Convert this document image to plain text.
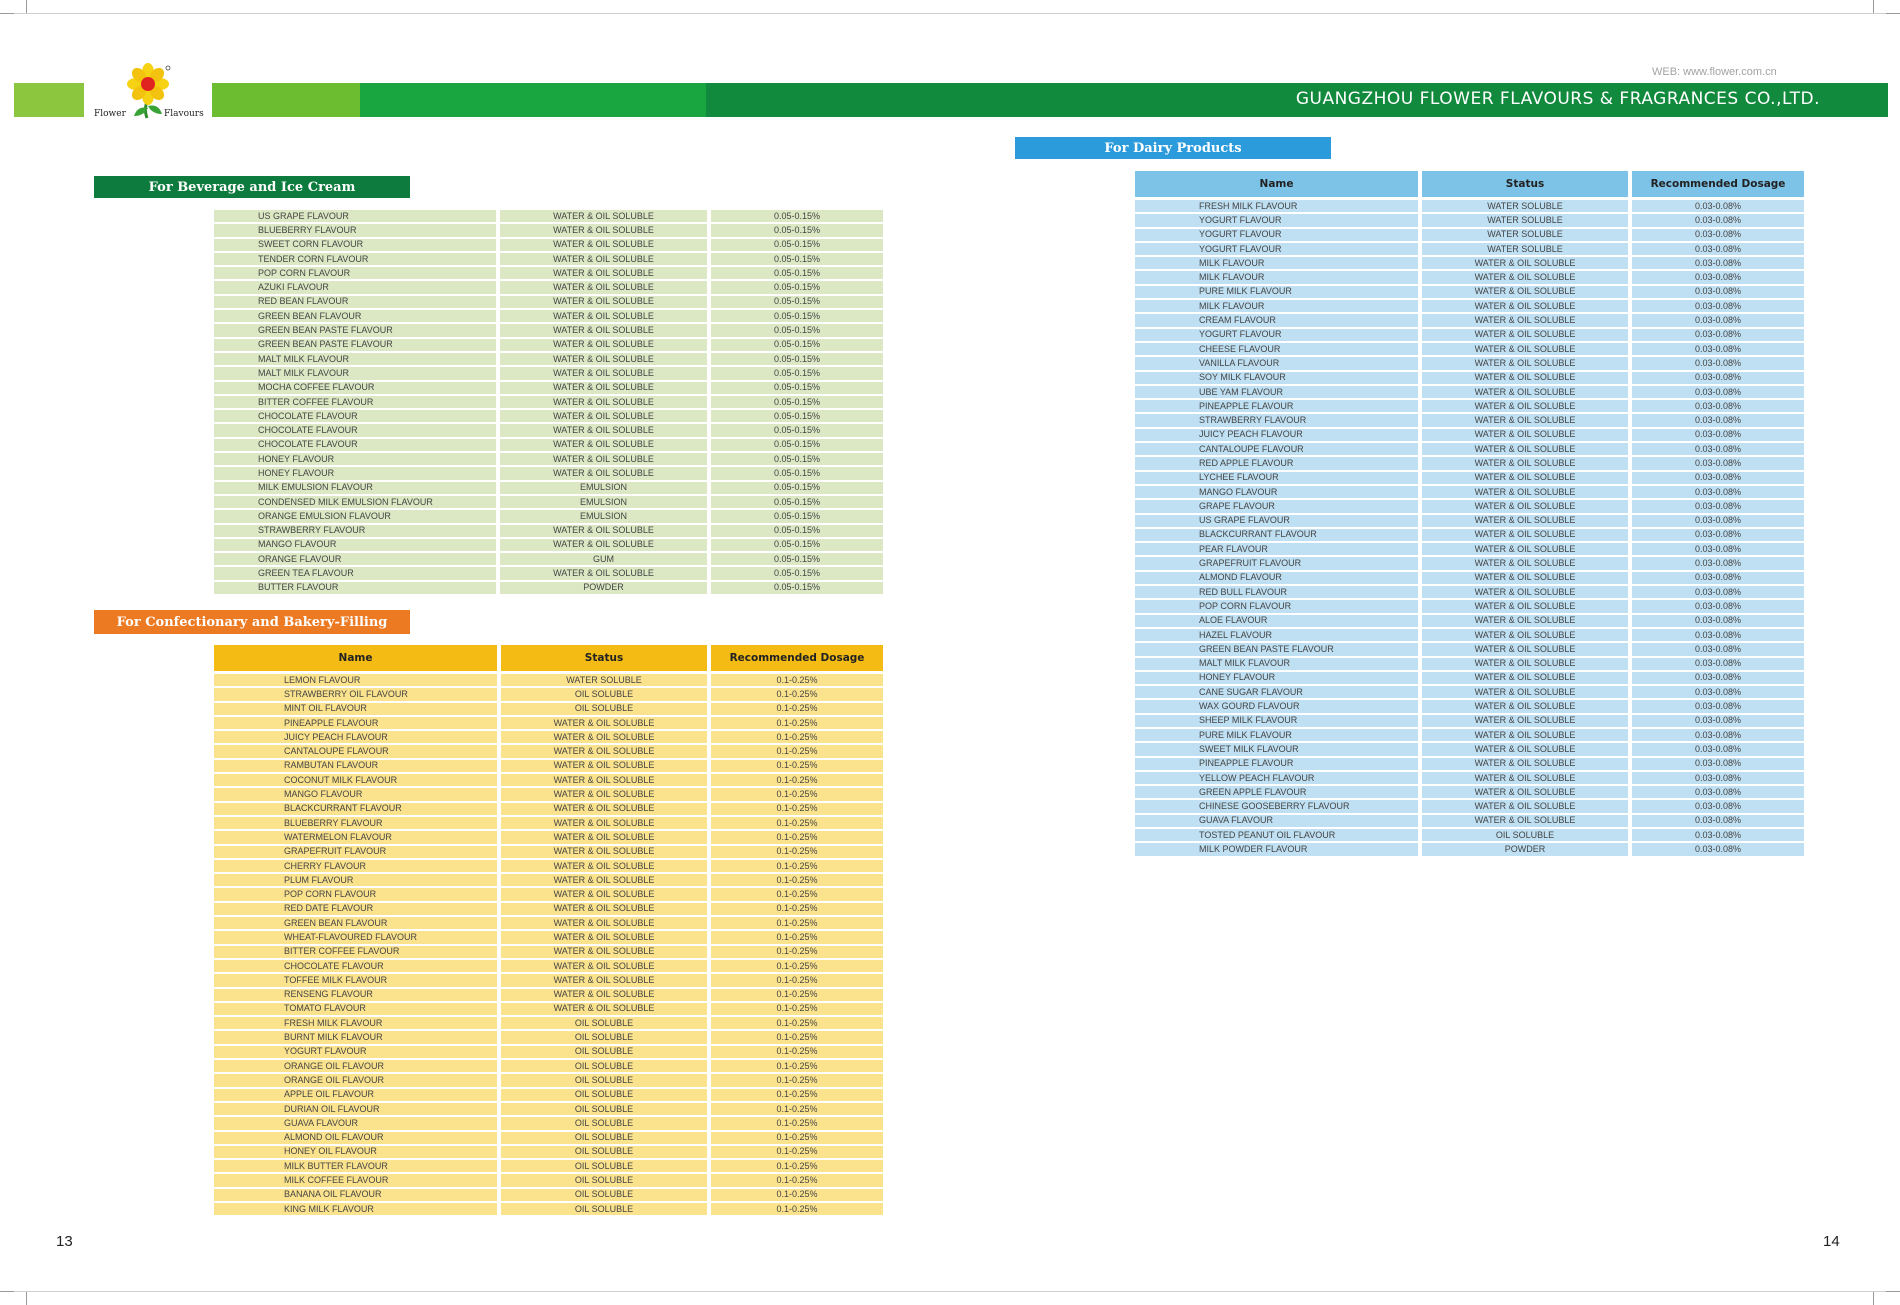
WEB: www.flower.com.cn
GUANGZHOU FLOWER FLAVOURS & FRAGRANCES CO.,LTD.
Flower	Flavours
For Beverage and Ice Cream
For Confectionary and Bakery-Filling
For Dairy Products
US GRAPE FLAVOUR	WATER & OIL SOLUBLE	0.05-0.15%
BLUEBERRY FLAVOUR	WATER & OIL SOLUBLE	0.05-0.15%
SWEET CORN FLAVOUR	WATER & OIL SOLUBLE	0.05-0.15%
TENDER CORN FLAVOUR	WATER & OIL SOLUBLE	0.05-0.15%
POP CORN FLAVOUR	WATER & OIL SOLUBLE	0.05-0.15%
AZUKI FLAVOUR	WATER & OIL SOLUBLE	0.05-0.15%
RED BEAN FLAVOUR	WATER & OIL SOLUBLE	0.05-0.15%
GREEN BEAN FLAVOUR	WATER & OIL SOLUBLE	0.05-0.15%
GREEN BEAN PASTE FLAVOUR	WATER & OIL SOLUBLE	0.05-0.15%
GREEN BEAN PASTE FLAVOUR	WATER & OIL SOLUBLE	0.05-0.15%
MALT MILK FLAVOUR	WATER & OIL SOLUBLE	0.05-0.15%
MALT MILK FLAVOUR	WATER & OIL SOLUBLE	0.05-0.15%
MOCHA COFFEE FLAVOUR	WATER & OIL SOLUBLE	0.05-0.15%
BITTER COFFEE FLAVOUR	WATER & OIL SOLUBLE	0.05-0.15%
CHOCOLATE FLAVOUR	WATER & OIL SOLUBLE	0.05-0.15%
CHOCOLATE FLAVOUR	WATER & OIL SOLUBLE	0.05-0.15%
CHOCOLATE FLAVOUR	WATER & OIL SOLUBLE	0.05-0.15%
HONEY FLAVOUR	WATER & OIL SOLUBLE	0.05-0.15%
HONEY FLAVOUR	WATER & OIL SOLUBLE	0.05-0.15%
MILK EMULSION FLAVOUR	EMULSION	0.05-0.15%
CONDENSED MILK EMULSION FLAVOUR	EMULSION	0.05-0.15%
ORANGE EMULSION FLAVOUR	EMULSION	0.05-0.15%
STRAWBERRY FLAVOUR	WATER & OIL SOLUBLE	0.05-0.15%
MANGO FLAVOUR	WATER & OIL SOLUBLE	0.05-0.15%
ORANGE FLAVOUR	GUM	0.05-0.15%
GREEN TEA FLAVOUR	WATER & OIL SOLUBLE	0.05-0.15%
BUTTER FLAVOUR	POWDER	0.05-0.15%
Name	Status	Recommended Dosage
LEMON FLAVOUR	WATER SOLUBLE	0.1-0.25%
STRAWBERRY OIL FLAVOUR	OIL SOLUBLE	0.1-0.25%
MINT OIL FLAVOUR	OIL SOLUBLE	0.1-0.25%
PINEAPPLE FLAVOUR	WATER & OIL SOLUBLE	0.1-0.25%
JUICY PEACH FLAVOUR	WATER & OIL SOLUBLE	0.1-0.25%
CANTALOUPE FLAVOUR	WATER & OIL SOLUBLE	0.1-0.25%
RAMBUTAN FLAVOUR	WATER & OIL SOLUBLE	0.1-0.25%
COCONUT MILK FLAVOUR	WATER & OIL SOLUBLE	0.1-0.25%
MANGO FLAVOUR	WATER & OIL SOLUBLE	0.1-0.25%
BLACKCURRANT FLAVOUR	WATER & OIL SOLUBLE	0.1-0.25%
BLUEBERRY FLAVOUR	WATER & OIL SOLUBLE	0.1-0.25%
WATERMELON FLAVOUR	WATER & OIL SOLUBLE	0.1-0.25%
GRAPEFRUIT FLAVOUR	WATER & OIL SOLUBLE	0.1-0.25%
CHERRY FLAVOUR	WATER & OIL SOLUBLE	0.1-0.25%
PLUM FLAVOUR	WATER & OIL SOLUBLE	0.1-0.25%
POP CORN FLAVOUR	WATER & OIL SOLUBLE	0.1-0.25%
RED DATE FLAVOUR	WATER & OIL SOLUBLE	0.1-0.25%
GREEN BEAN FLAVOUR	WATER & OIL SOLUBLE	0.1-0.25%
WHEAT-FLAVOURED FLAVOUR	WATER & OIL SOLUBLE	0.1-0.25%
BITTER COFFEE FLAVOUR	WATER & OIL SOLUBLE	0.1-0.25%
CHOCOLATE FLAVOUR	WATER & OIL SOLUBLE	0.1-0.25%
TOFFEE MILK FLAVOUR	WATER & OIL SOLUBLE	0.1-0.25%
RENSENG FLAVOUR	WATER & OIL SOLUBLE	0.1-0.25%
TOMATO FLAVOUR	WATER & OIL SOLUBLE	0.1-0.25%
FRESH MILK FLAVOUR	OIL SOLUBLE	0.1-0.25%
BURNT MILK FLAVOUR	OIL SOLUBLE	0.1-0.25%
YOGURT FLAVOUR	OIL SOLUBLE	0.1-0.25%
ORANGE OIL FLAVOUR	OIL SOLUBLE	0.1-0.25%
ORANGE OIL FLAVOUR	OIL SOLUBLE	0.1-0.25%
APPLE OIL FLAVOUR	OIL SOLUBLE	0.1-0.25%
DURIAN OIL FLAVOUR	OIL SOLUBLE	0.1-0.25%
GUAVA FLAVOUR	OIL SOLUBLE	0.1-0.25%
ALMOND OIL FLAVOUR	OIL SOLUBLE	0.1-0.25%
HONEY OIL FLAVOUR	OIL SOLUBLE	0.1-0.25%
MILK BUTTER FLAVOUR	OIL SOLUBLE	0.1-0.25%
MILK COFFEE FLAVOUR	OIL SOLUBLE	0.1-0.25%
BANANA OIL FLAVOUR	OIL SOLUBLE	0.1-0.25%
KING MILK FLAVOUR	OIL SOLUBLE	0.1-0.25%
Name	Status	Recommended Dosage
FRESH MILK FLAVOUR	WATER SOLUBLE	0.03-0.08%
YOGURT FLAVOUR	WATER SOLUBLE	0.03-0.08%
YOGURT FLAVOUR	WATER SOLUBLE	0.03-0.08%
YOGURT FLAVOUR	WATER SOLUBLE	0.03-0.08%
MILK FLAVOUR	WATER & OIL SOLUBLE	0.03-0.08%
MILK FLAVOUR	WATER & OIL SOLUBLE	0.03-0.08%
PURE MILK FLAVOUR	WATER & OIL SOLUBLE	0.03-0.08%
MILK FLAVOUR	WATER & OIL SOLUBLE	0.03-0.08%
CREAM FLAVOUR	WATER & OIL SOLUBLE	0.03-0.08%
YOGURT FLAVOUR	WATER & OIL SOLUBLE	0.03-0.08%
CHEESE FLAVOUR	WATER & OIL SOLUBLE	0.03-0.08%
VANILLA FLAVOUR	WATER & OIL SOLUBLE	0.03-0.08%
SOY MILK FLAVOUR	WATER & OIL SOLUBLE	0.03-0.08%
UBE YAM FLAVOUR	WATER & OIL SOLUBLE	0.03-0.08%
PINEAPPLE FLAVOUR	WATER & OIL SOLUBLE	0.03-0.08%
STRAWBERRY FLAVOUR	WATER & OIL SOLUBLE	0.03-0.08%
JUICY PEACH FLAVOUR	WATER & OIL SOLUBLE	0.03-0.08%
CANTALOUPE FLAVOUR	WATER & OIL SOLUBLE	0.03-0.08%
RED APPLE FLAVOUR	WATER & OIL SOLUBLE	0.03-0.08%
LYCHEE FLAVOUR	WATER & OIL SOLUBLE	0.03-0.08%
MANGO FLAVOUR	WATER & OIL SOLUBLE	0.03-0.08%
GRAPE FLAVOUR	WATER & OIL SOLUBLE	0.03-0.08%
US GRAPE FLAVOUR	WATER & OIL SOLUBLE	0.03-0.08%
BLACKCURRANT FLAVOUR	WATER & OIL SOLUBLE	0.03-0.08%
PEAR FLAVOUR	WATER & OIL SOLUBLE	0.03-0.08%
GRAPEFRUIT FLAVOUR	WATER & OIL SOLUBLE	0.03-0.08%
ALMOND FLAVOUR	WATER & OIL SOLUBLE	0.03-0.08%
RED BULL FLAVOUR	WATER & OIL SOLUBLE	0.03-0.08%
POP CORN FLAVOUR	WATER & OIL SOLUBLE	0.03-0.08%
ALOE FLAVOUR	WATER & OIL SOLUBLE	0.03-0.08%
HAZEL FLAVOUR	WATER & OIL SOLUBLE	0.03-0.08%
GREEN BEAN PASTE FLAVOUR	WATER & OIL SOLUBLE	0.03-0.08%
MALT MILK FLAVOUR	WATER & OIL SOLUBLE	0.03-0.08%
HONEY FLAVOUR	WATER & OIL SOLUBLE	0.03-0.08%
CANE SUGAR FLAVOUR	WATER & OIL SOLUBLE	0.03-0.08%
WAX GOURD FLAVOUR	WATER & OIL SOLUBLE	0.03-0.08%
SHEEP MILK FLAVOUR	WATER & OIL SOLUBLE	0.03-0.08%
PURE MILK FLAVOUR	WATER & OIL SOLUBLE	0.03-0.08%
SWEET MILK FLAVOUR	WATER & OIL SOLUBLE	0.03-0.08%
PINEAPPLE FLAVOUR	WATER & OIL SOLUBLE	0.03-0.08%
YELLOW PEACH FLAVOUR	WATER & OIL SOLUBLE	0.03-0.08%
GREEN APPLE FLAVOUR	WATER & OIL SOLUBLE	0.03-0.08%
CHINESE GOOSEBERRY FLAVOUR	WATER & OIL SOLUBLE	0.03-0.08%
GUAVA FLAVOUR	WATER & OIL SOLUBLE	0.03-0.08%
TOSTED PEANUT OIL FLAVOUR	OIL SOLUBLE	0.03-0.08%
MILK POWDER FLAVOUR	POWDER	0.03-0.08%
13	14
